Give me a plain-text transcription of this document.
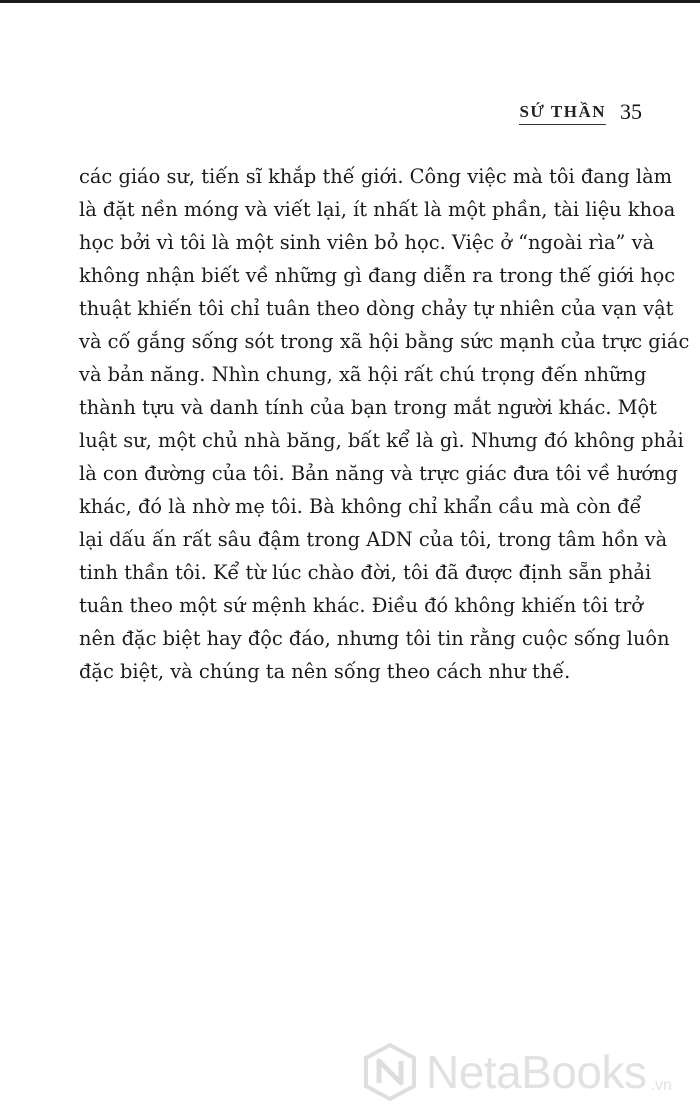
SỨ THẦN 35
các giáo sư, tiến sĩ khắp thế giới. Công việc mà tôi đang làm
là đặt nền móng và viết lại, ít nhất là một phần, tài liệu khoa
học bởi vì tôi là một sinh viên bỏ học. Việc ở “ngoài rìa” và
không nhận biết về những gì đang diễn ra trong thế giới học
thuật khiến tôi chỉ tuân theo dòng chảy tự nhiên của vạn vật
và cố gắng sống sót trong xã hội bằng sức mạnh của trực giác
và bản năng. Nhìn chung, xã hội rất chú trọng đến những
thành tựu và danh tính của bạn trong mắt người khác. Một
luật sư, một chủ nhà băng, bất kể là gì. Nhưng đó không phải
là con đường của tôi. Bản năng và trực giác đưa tôi về hướng
khác, đó là nhờ mẹ tôi. Bà không chỉ khẩn cầu mà còn để
lại dấu ấn rất sâu đậm trong ADN của tôi, trong tâm hồn và
tinh thần tôi. Kể từ lúc chào đời, tôi đã được định sẵn phải
tuân theo một sứ mệnh khác. Điều đó không khiến tôi trở
nên đặc biệt hay độc đáo, nhưng tôi tin rằng cuộc sống luôn
đặc biệt, và chúng ta nên sống theo cách như thế.
NetaBooks .vn
